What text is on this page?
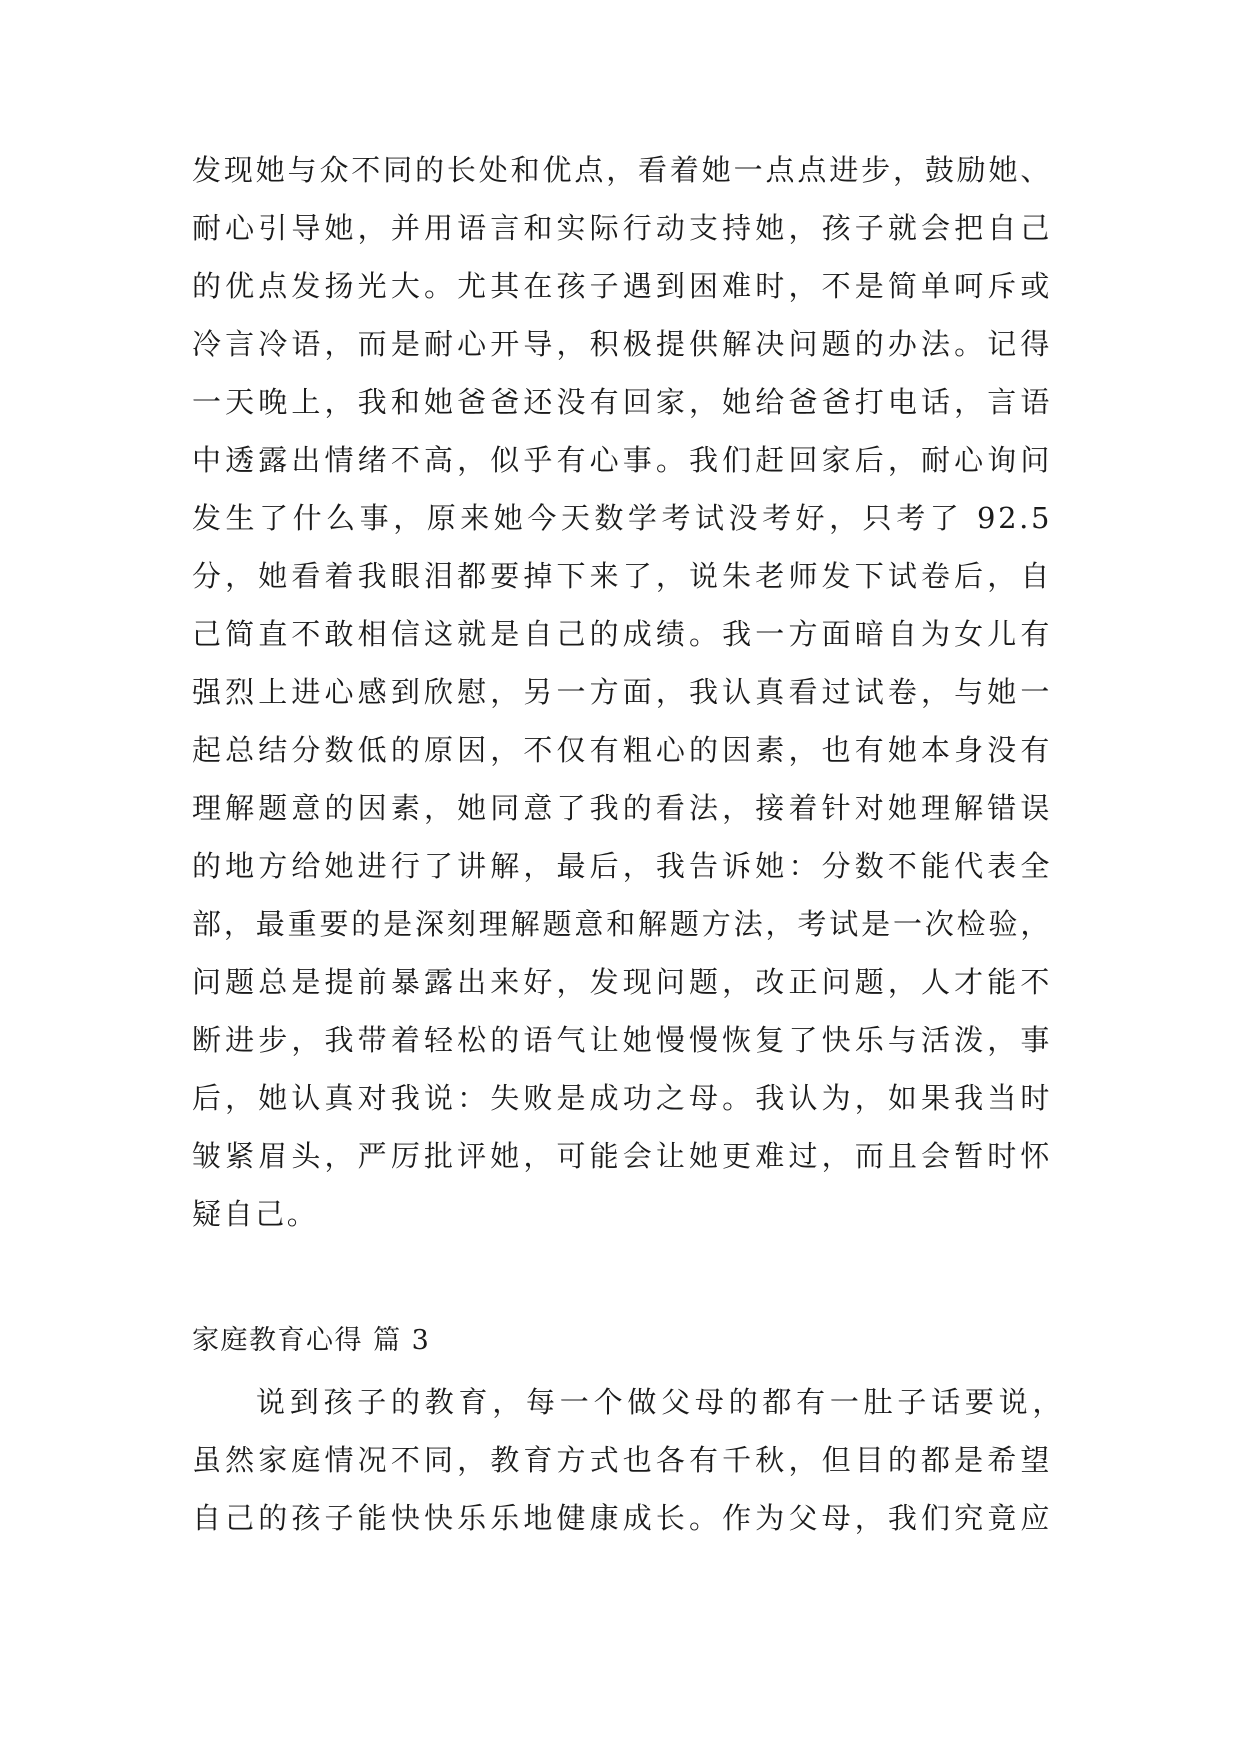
发现她与众不同的长处和优点，看着她一点点进步，鼓励她、
耐心引导她，并用语言和实际行动支持她，孩子就会把自己
的优点发扬光大。尤其在孩子遇到困难时，不是简单呵斥或
冷言冷语，而是耐心开导，积极提供解决问题的办法。记得
一天晚上，我和她爸爸还没有回家，她给爸爸打电话，言语
中透露出情绪不高，似乎有心事。我们赶回家后，耐心询问
发生了什么事，原来她今天数学考试没考好，只考了 92.5
分，她看着我眼泪都要掉下来了，说朱老师发下试卷后，自
己简直不敢相信这就是自己的成绩。我一方面暗自为女儿有
强烈上进心感到欣慰，另一方面，我认真看过试卷，与她一
起总结分数低的原因，不仅有粗心的因素，也有她本身没有
理解题意的因素，她同意了我的看法，接着针对她理解错误
的地方给她进行了讲解，最后，我告诉她：分数不能代表全
部，最重要的是深刻理解题意和解题方法，考试是一次检验，
问题总是提前暴露出来好，发现问题，改正问题，人才能不
断进步，我带着轻松的语气让她慢慢恢复了快乐与活泼，事
后，她认真对我说：失败是成功之母。我认为，如果我当时
皱紧眉头，严厉批评她，可能会让她更难过，而且会暂时怀
疑自己。
家庭教育心得 篇 3
说到孩子的教育，每一个做父母的都有一肚子话要说，
虽然家庭情况不同，教育方式也各有千秋，但目的都是希望
自己的孩子能快快乐乐地健康成长。作为父母，我们究竟应
